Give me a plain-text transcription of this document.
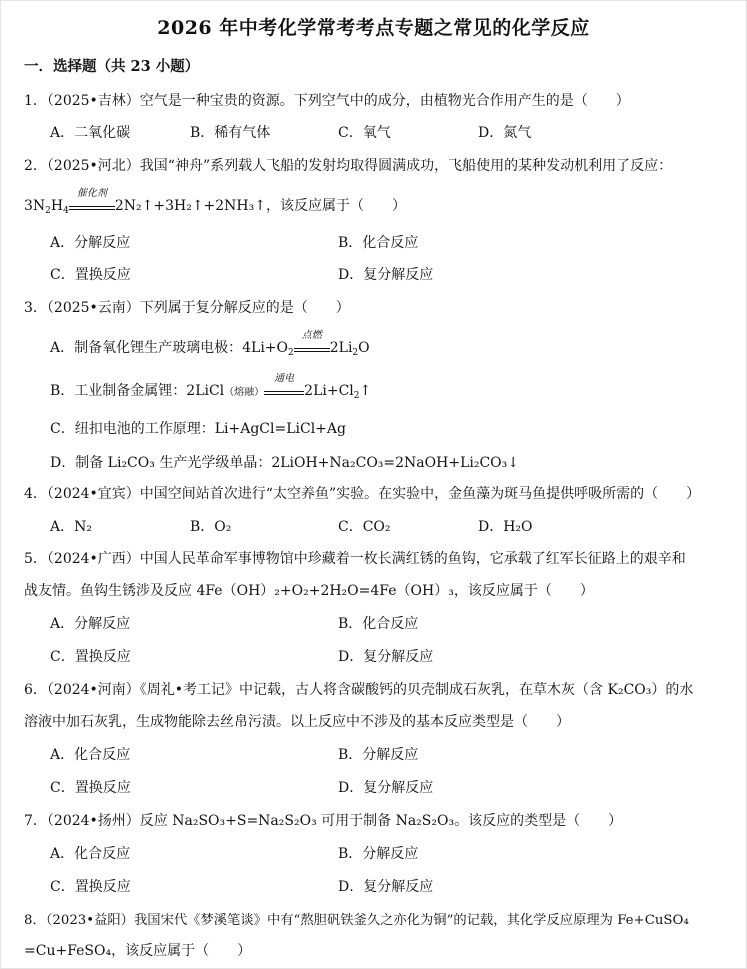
2026 年中考化学常考考点专题之常见的化学反应
一．选择题（共 23 小题）
1．（2025•吉林）空气是一种宝贵的资源。下列空气中的成分，由植物光合作用产生的是（　　）
A．二氧化碳	B．稀有气体	C．氧气	D．氮气
2．（2025•河北）我国“神舟”系列载人飞船的发射均取得圆满成功，飞船使用的某种发动机利用了反应：
$3N_2H_4$
催化剂
2N₂↑+3H₂↑+2NH₃↑，该反应属于（　　）
A．分解反应	B．化合反应
C．置换反应	D．复分解反应
3．（2025•云南）下列属于复分解反应的是（　　）
A．制备氧化锂生产玻璃电极：$4Li+O_2$
点燃
$2Li_2O$
B．工业制备金属锂：2LiCl（熔融）
通电
$2Li+Cl_2↑$
C．纽扣电池的工作原理：Li+AgCl=LiCl+Ag
D．制备 Li₂CO₃ 生产光学级单晶：2LiOH+Na₂CO₃=2NaOH+Li₂CO₃↓
4．（2024•宜宾）中国空间站首次进行“太空养鱼”实验。在实验中，金鱼藻为斑马鱼提供呼吸所需的（　　）
A．N₂	B．O₂	C．CO₂	D．H₂O
5．（2024•广西）中国人民革命军事博物馆中珍藏着一枚长满红锈的鱼钩，它承载了红军长征路上的艰辛和
战友情。鱼钩生锈涉及反应 4Fe（OH）₂+O₂+2H₂O=4Fe（OH）₃，该反应属于（　　）
A．分解反应	B．化合反应
C．置换反应	D．复分解反应
6．（2024•河南）《周礼•考工记》中记载，古人将含碳酸钙的贝壳制成石灰乳，在草木灰（含 K₂CO₃）的水
溶液中加石灰乳，生成物能除去丝帛污渍。以上反应中不涉及的基本反应类型是（　　）
A．化合反应	B．分解反应
C．置换反应	D．复分解反应
7．（2024•扬州）反应 Na₂SO₃+S=Na₂S₂O₃ 可用于制备 Na₂S₂O₃。该反应的类型是（　　）
A．化合反应	B．分解反应
C．置换反应	D．复分解反应
8．（2023•益阳）我国宋代《梦溪笔谈》中有“熬胆矾铁釜久之亦化为铜”的记载，其化学反应原理为 Fe+CuSO₄
=Cu+FeSO₄，该反应属于（　　）
